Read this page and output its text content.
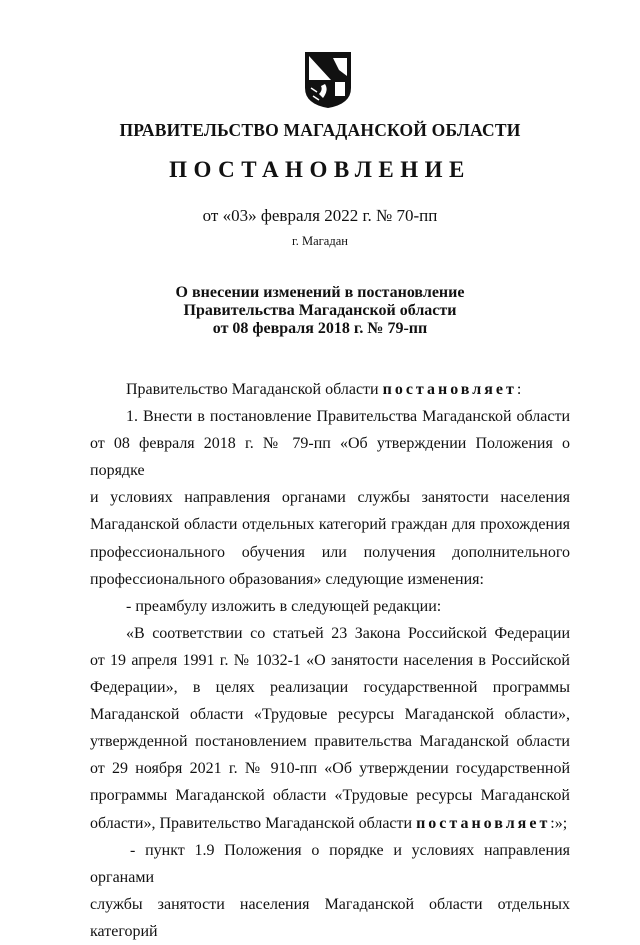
ПРАВИТЕЛЬСТВО МАГАДАНСКОЙ ОБЛАСТИ
ПОСТАНОВЛЕНИЕ
от «03» февраля 2022 г. № 70-пп
г. Магадан
О внесении изменений в постановление
Правительства Магаданской области
от 08 февраля 2018 г. № 79-пп

Правительство Магаданской области постановляет:

1. Внести в постановление Правительства Магаданской области

от 08 февраля 2018 г. № 79-пп «Об утверждении Положения о порядке

и условиях направления органами службы занятости населения

Магаданской области отдельных категорий граждан для прохождения

профессионального обучения или получения дополнительного

профессионального образования» следующие изменения:

- преамбулу изложить в следующей редакции:

«В соответствии со статьей 23 Закона Российской Федерации

от 19 апреля 1991 г. № 1032-1 «О занятости населения в Российской

Федерации», в целях реализации государственной программы

Магаданской области «Трудовые ресурсы Магаданской области»,

утвержденной постановлением правительства Магаданской области

от 29 ноября 2021 г. № 910-пп «Об утверждении государственной

программы Магаданской области «Трудовые ресурсы Магаданской

области», Правительство Магаданской области постановляет:»;

- пункт 1.9 Положения о порядке и условиях направления органами

службы занятости населения Магаданской области отдельных категорий
